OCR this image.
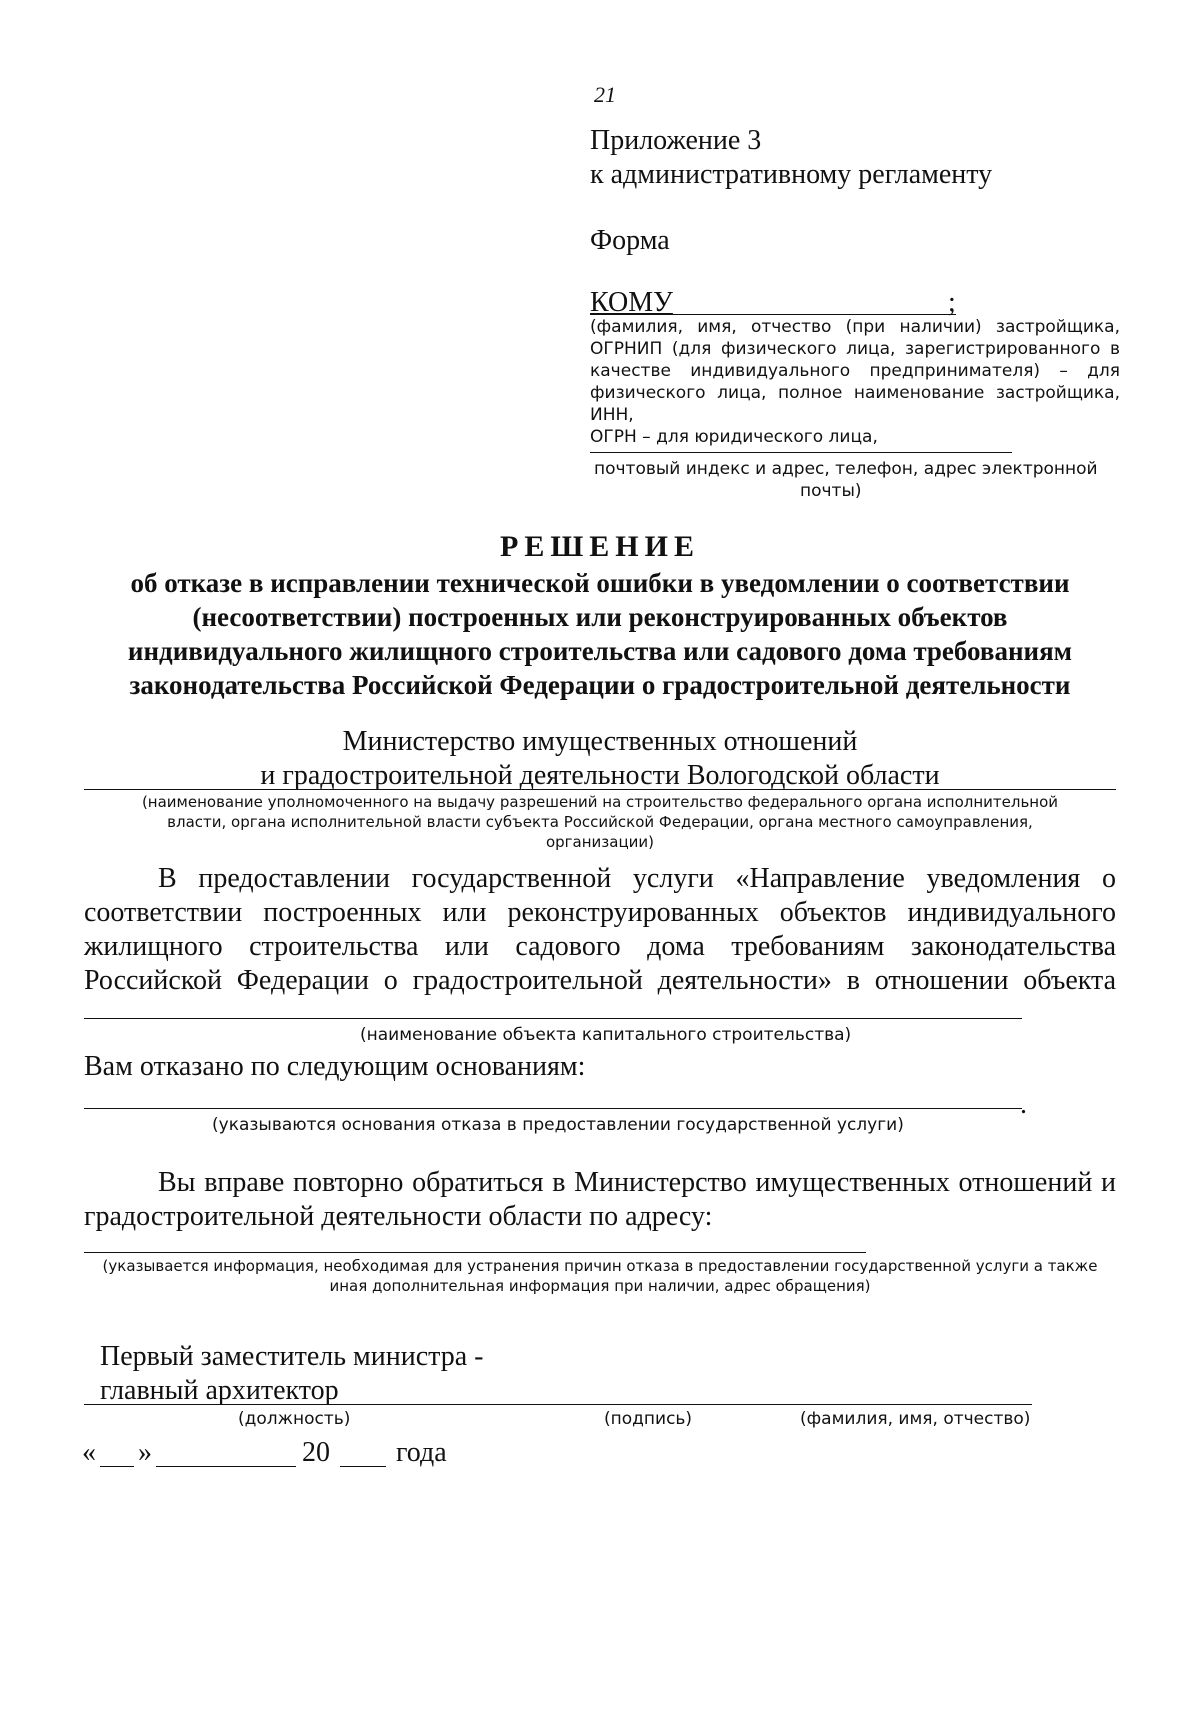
21
Приложение 3
к административному регламенту
Форма
КОМУ	;
(фамилия, имя, отчество (при наличии) застройщика,
ОГРНИП (для физического лица, зарегистрированного в
качестве индивидуального предпринимателя) – для
физического лица, полное наименование застройщика, ИНН,
ОГРН – для юридического лица,
почтовый индекс и адрес, телефон, адрес электронной
почты)
РЕШЕНИЕ
об отказе в исправлении технической ошибки в уведомлении о соответствии
(несоответствии) построенных или реконструированных объектов
индивидуального жилищного строительства или садового дома требованиям
законодательства Российской Федерации о градостроительной деятельности
Министерство имущественных отношений
и градостроительной деятельности Вологодской области
(наименование уполномоченного на выдачу разрешений на строительство федерального органа исполнительной
власти, органа исполнительной власти субъекта Российской Федерации, органа местного самоуправления,
организации)
В предоставлении государственной услуги «Направление уведомления о
соответствии построенных или реконструированных объектов индивидуального
жилищного строительства или садового дома требованиям законодательства
Российской Федерации о градостроительной деятельности» в отношении объекта
(наименование объекта капитального строительства)
Вам отказано по следующим основаниям:
.
(указываются основания отказа в предоставлении государственной услуги)
Вы вправе повторно обратиться в Министерство имущественных отношений и
градостроительной деятельности области по адресу:
(указывается информация, необходимая для устранения причин отказа в предоставлении государственной услуги а также
иная дополнительная информация при наличии, адрес обращения)
Первый заместитель министра -
главный архитектор
(должность)	(подпись)	(фамилия, имя, отчество)
« »	20 года
